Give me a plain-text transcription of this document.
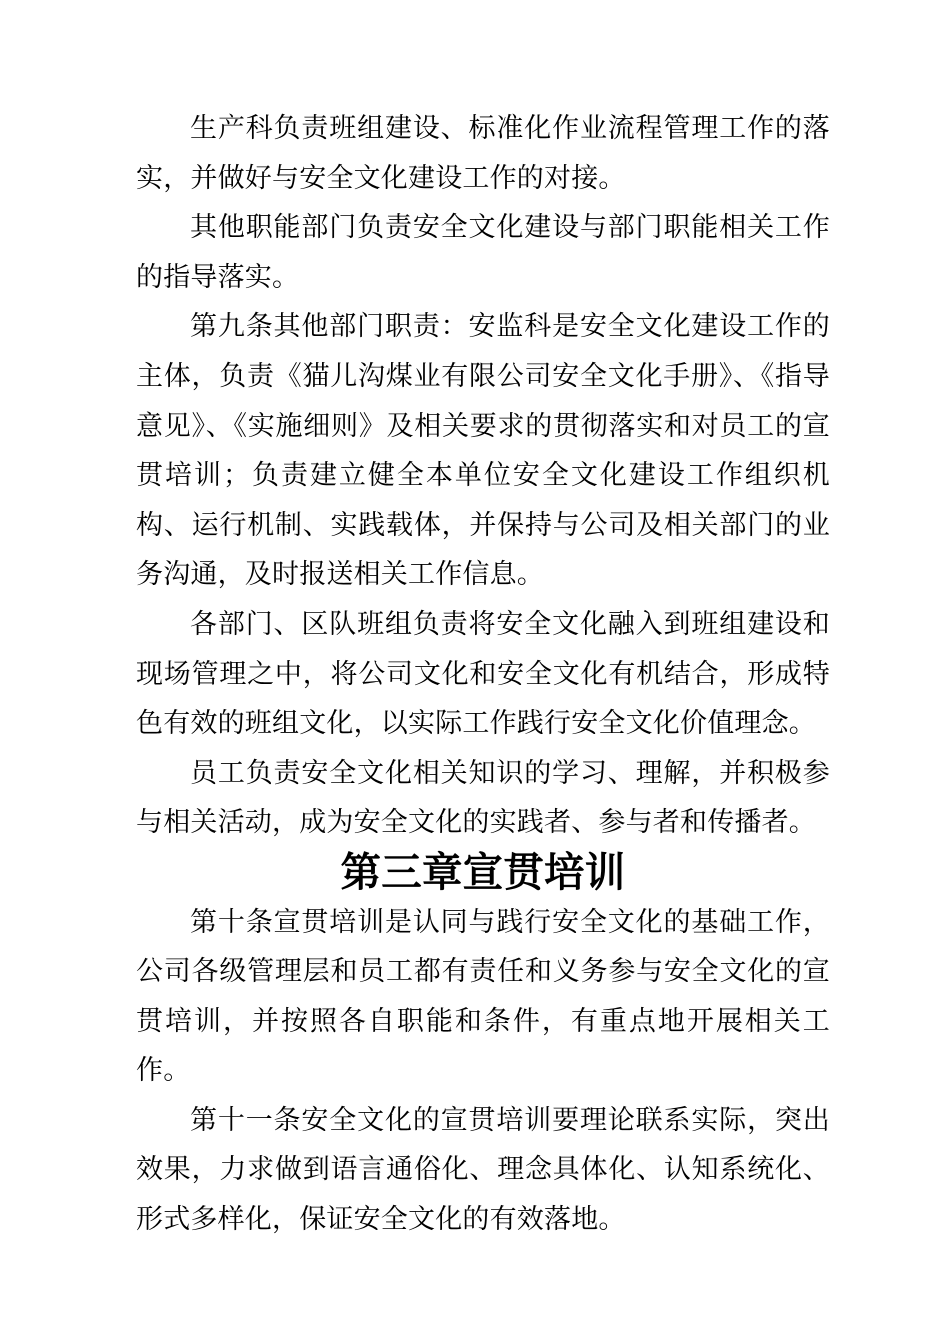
生产科负责班组建设、标准化作业流程管理工作的落实，并做好与安全文化建设工作的对接。

其他职能部门负责安全文化建设与部门职能相关工作的指导落实。

第九条其他部门职责：安监科是安全文化建设工作的主体，负责《猫儿沟煤业有限公司安全文化手册》、《指导意见》、《实施细则》及相关要求的贯彻落实和对员工的宣贯培训；负责建立健全本单位安全文化建设工作组织机构、运行机制、实践载体，并保持与公司及相关部门的业务沟通，及时报送相关工作信息。

各部门、区队班组负责将安全文化融入到班组建设和现场管理之中，将公司文化和安全文化有机结合，形成特色有效的班组文化，以实际工作践行安全文化价值理念。

员工负责安全文化相关知识的学习、理解，并积极参与相关活动，成为安全文化的实践者、参与者和传播者。

第三章宣贯培训

第十条宣贯培训是认同与践行安全文化的基础工作，公司各级管理层和员工都有责任和义务参与安全文化的宣贯培训，并按照各自职能和条件，有重点地开展相关工作。

第十一条安全文化的宣贯培训要理论联系实际，突出效果，力求做到语言通俗化、理念具体化、认知系统化、形式多样化，保证安全文化的有效落地。
